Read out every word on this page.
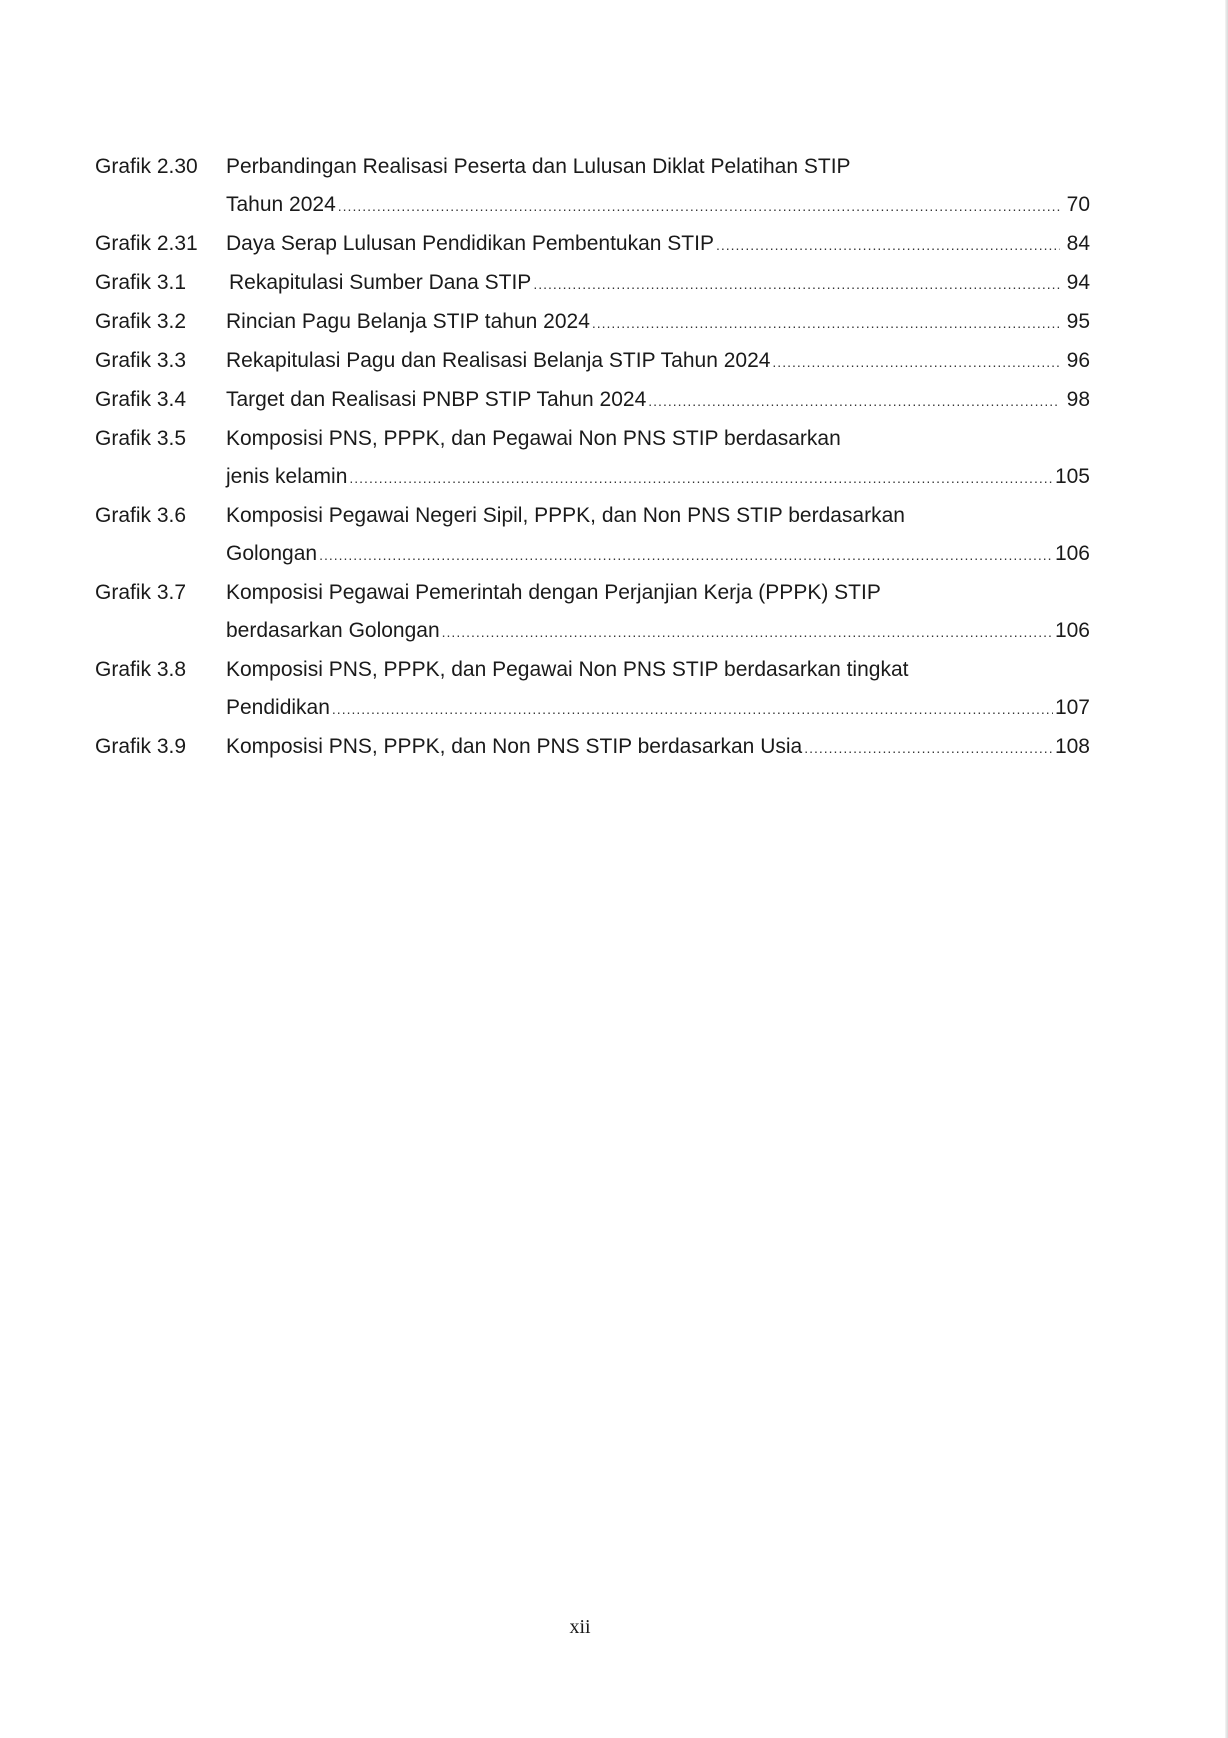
Grafik 2.30	Perbandingan Realisasi Peserta dan Lulusan Diklat Pelatihan STIP
Tahun 2024 .....	70
Grafik 2.31	Daya Serap Lulusan Pendidikan Pembentukan STIP .....	84
Grafik 3.1	Rekapitulasi Sumber Dana STIP .....	94
Grafik 3.2	Rincian Pagu Belanja STIP tahun 2024 .....	95
Grafik 3.3	Rekapitulasi Pagu dan Realisasi Belanja STIP Tahun 2024 .....	96
Grafik 3.4	Target dan Realisasi PNBP STIP Tahun 2024 .....	98
Grafik 3.5	Komposisi PNS, PPPK, dan Pegawai Non PNS STIP berdasarkan
jenis kelamin .....	105
Grafik 3.6	Komposisi Pegawai Negeri Sipil, PPPK, dan Non PNS STIP berdasarkan
Golongan .....	106
Grafik 3.7	Komposisi Pegawai Pemerintah dengan Perjanjian Kerja (PPPK) STIP
berdasarkan Golongan .....	106
Grafik 3.8	Komposisi PNS, PPPK, dan Pegawai Non PNS STIP berdasarkan tingkat
Pendidikan .....	107
Grafik 3.9	Komposisi PNS, PPPK, dan Non PNS STIP berdasarkan Usia .....	108
xii
